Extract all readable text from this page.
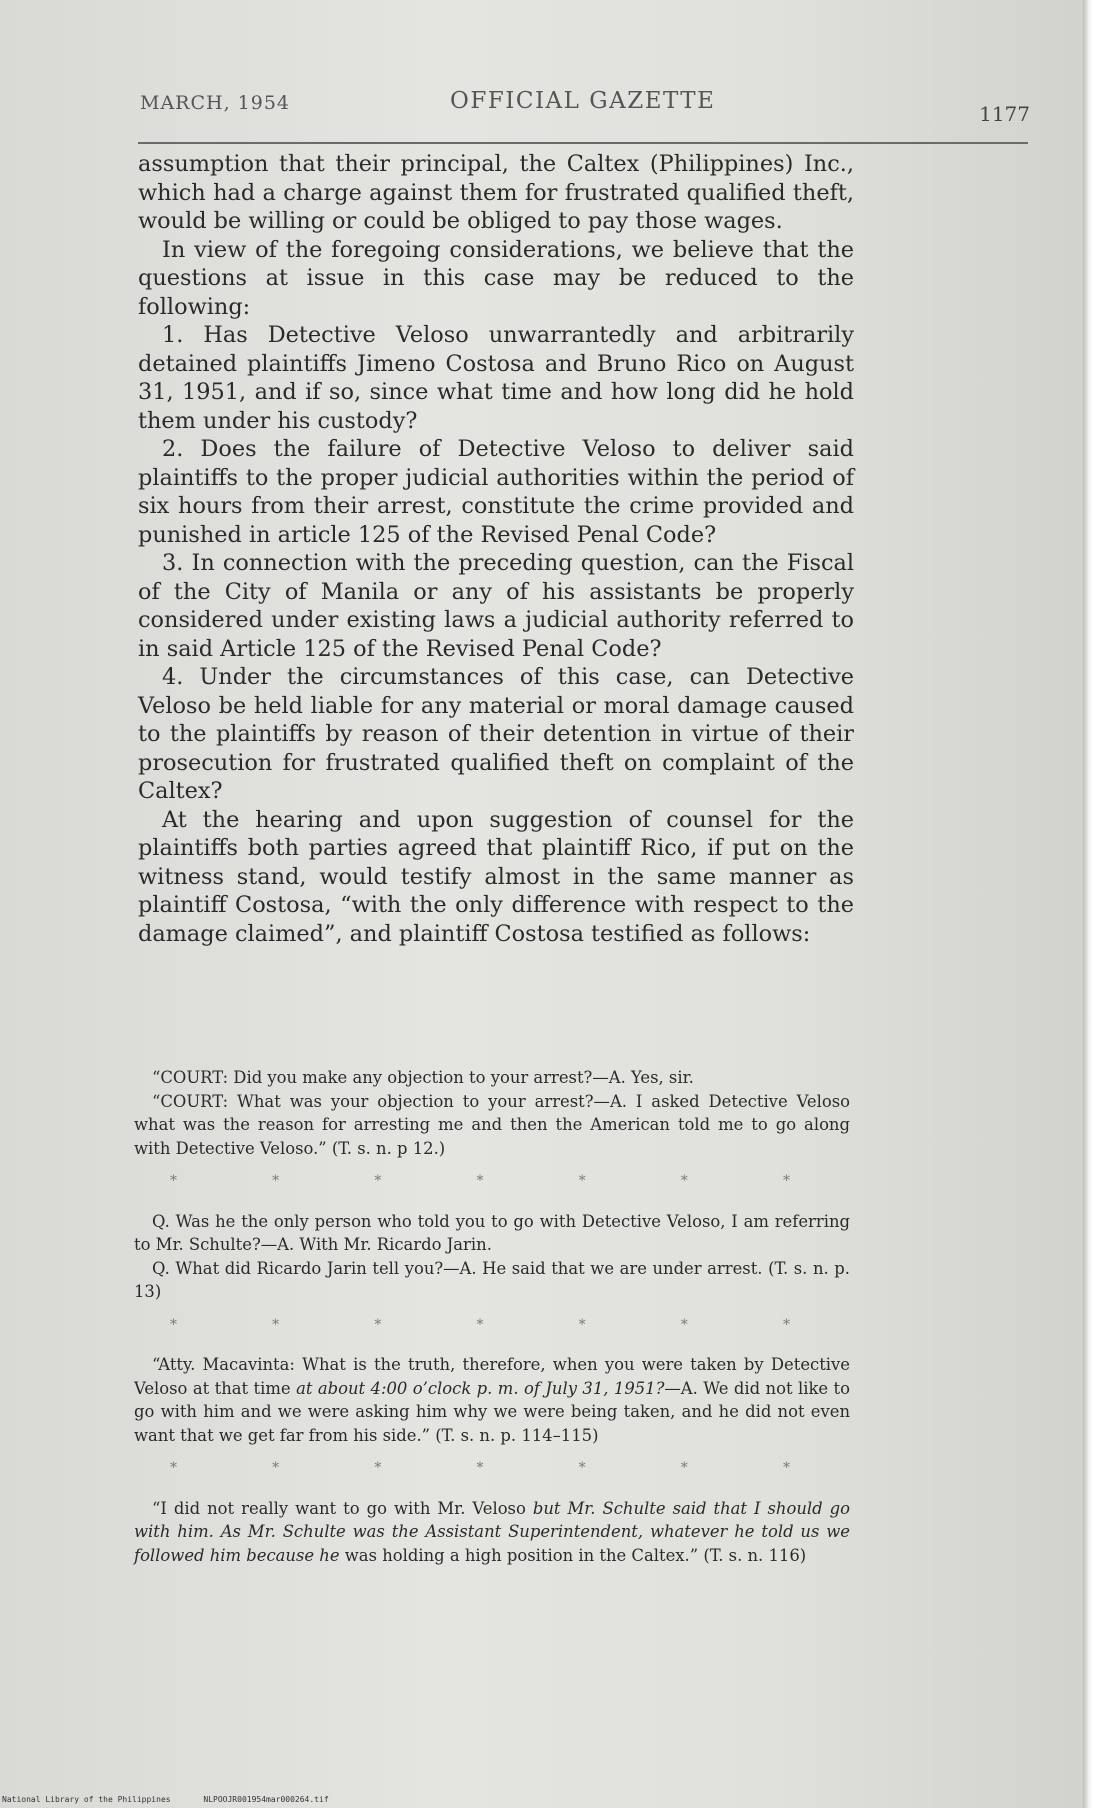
MARCH, 1954	OFFICIAL GAZETTE	1177

assumption that their principal, the Caltex (Philippines) Inc., which had a charge against them for frustrated qualified theft, would be willing or could be obliged to pay those wages.

In view of the foregoing considerations, we believe that the questions at issue in this case may be reduced to the following:

1. Has Detective Veloso unwarrantedly and arbitrarily detained plaintiffs Jimeno Costosa and Bruno Rico on August 31, 1951, and if so, since what time and how long did he hold them under his custody?

2. Does the failure of Detective Veloso to deliver said plaintiffs to the proper judicial authorities within the period of six hours from their arrest, constitute the crime provided and punished in article 125 of the Revised Penal Code?

3. In connection with the preceding question, can the Fiscal of the City of Manila or any of his assistants be properly considered under existing laws a judicial authority referred to in said Article 125 of the Revised Penal Code?

4. Under the circumstances of this case, can Detective Veloso be held liable for any material or moral damage caused to the plaintiffs by reason of their detention in virtue of their prosecution for frustrated qualified theft on complaint of the Caltex?

At the hearing and upon suggestion of counsel for the plaintiffs both parties agreed that plaintiff Rico, if put on the witness stand, would testify almost in the same manner as plaintiff Costosa, “with the only difference with respect to the damage claimed”, and plaintiff Costosa testified as follows:

“COURT: Did you make any objection to your arrest?—A. Yes, sir.

“COURT: What was your objection to your arrest?—A. I asked Detective Veloso what was the reason for arresting me and then the American told me to go along with Detective Veloso.” (T. s. n. p 12.)

*	*	*	*	*	*	*

Q. Was he the only person who told you to go with Detective Veloso, I am referring to Mr. Schulte?—A. With Mr. Ricardo Jarin.

Q. What did Ricardo Jarin tell you?—A. He said that we are under arrest. (T. s. n. p. 13)

*	*	*	*	*	*	*

“Atty. Macavinta: What is the truth, therefore, when you were taken by Detective Veloso at that time at about 4:00 o’clock p. m. of July 31, 1951?—A. We did not like to go with him and we were asking him why we were being taken, and he did not even want that we get far from his side.” (T. s. n. p. 114–115)

*	*	*	*	*	*	*

“I did not really want to go with Mr. Veloso but Mr. Schulte said that I should go with him. As Mr. Schulte was the Assistant Superintendent, whatever he told us we followed him because he was holding a high position in the Caltex.” (T. s. n. 116)

National Library of the Philippines	NLPOOJR001954mar000264.tif
